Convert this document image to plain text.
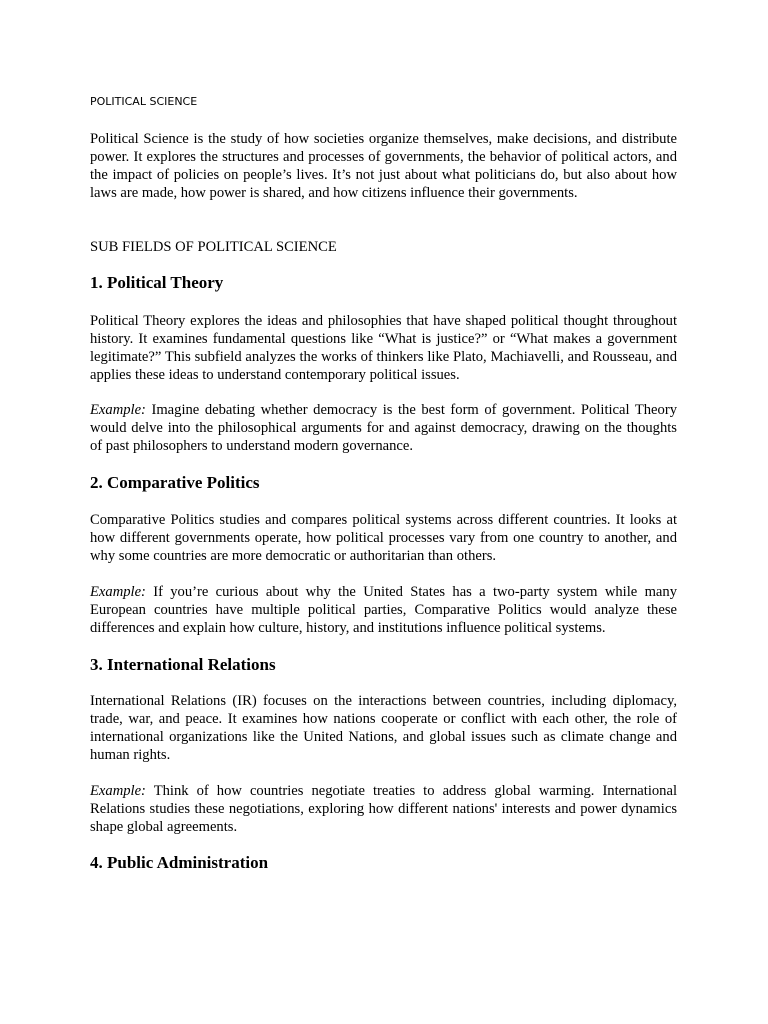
POLITICAL SCIENCE

Political Science is the study of how societies organize themselves, make decisions, and distribute power. It explores the structures and processes of governments, the behavior of political actors, and the impact of policies on people’s lives. It’s not just about what politicians do, but also about how laws are made, how power is shared, and how citizens influence their governments.

SUB FIELDS OF POLITICAL SCIENCE

1. Political Theory

Political Theory explores the ideas and philosophies that have shaped political thought throughout history. It examines fundamental questions like “What is justice?” or “What makes a government legitimate?” This subfield analyzes the works of thinkers like Plato, Machiavelli, and Rousseau, and applies these ideas to understand contemporary political issues.

Example: Imagine debating whether democracy is the best form of government. Political Theory would delve into the philosophical arguments for and against democracy, drawing on the thoughts of past philosophers to understand modern governance.

2. Comparative Politics

Comparative Politics studies and compares political systems across different countries. It looks at how different governments operate, how political processes vary from one country to another, and why some countries are more democratic or authoritarian than others.

Example: If you’re curious about why the United States has a two-party system while many European countries have multiple political parties, Comparative Politics would analyze these differences and explain how culture, history, and institutions influence political systems.

3. International Relations

International Relations (IR) focuses on the interactions between countries, including diplomacy, trade, war, and peace. It examines how nations cooperate or conflict with each other, the role of international organizations like the United Nations, and global issues such as climate change and human rights.

Example: Think of how countries negotiate treaties to address global warming. International Relations studies these negotiations, exploring how different nations' interests and power dynamics shape global agreements.

4. Public Administration
